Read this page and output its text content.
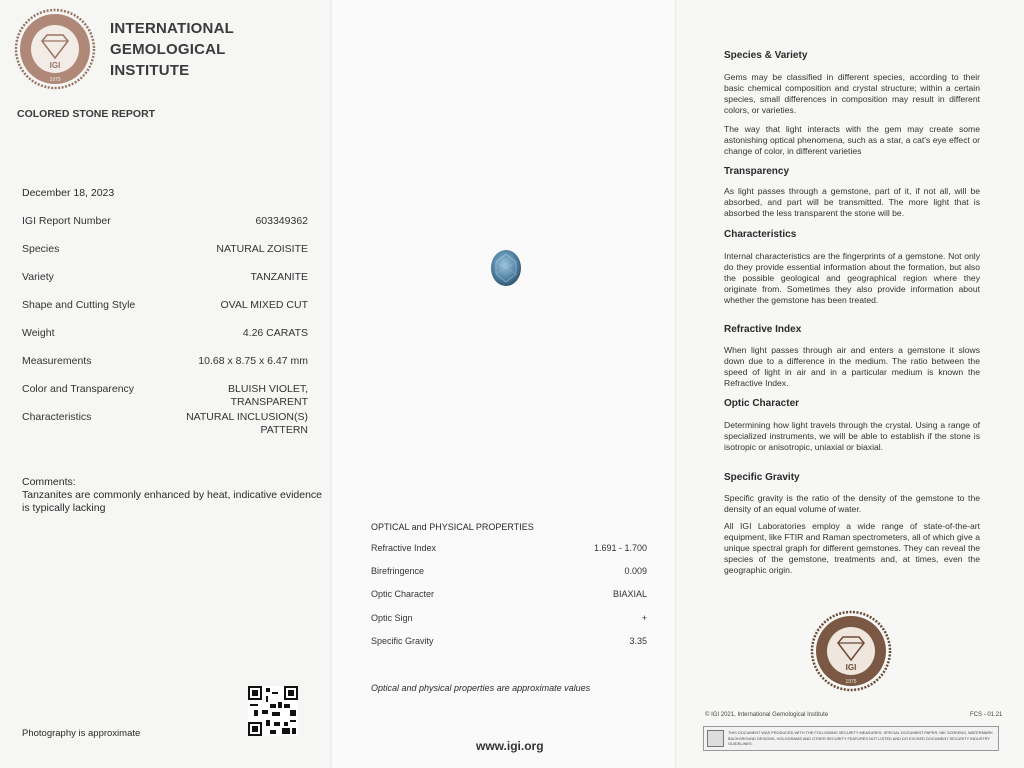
IGI
1975
INTERNATIONAL
GEMOLOGICAL
INSTITUTE
COLORED STONE REPORT
December 18, 2023
IGI Report Number	603349362
Species	NATURAL ZOISITE
Variety	TANZANITE
Shape and Cutting Style	OVAL MIXED CUT
Weight	4.26 CARATS
Measurements	10.68 x 8.75 x 6.47 mm
Color and Transparency	BLUISH VIOLET,
TRANSPARENT
Characteristics	NATURAL INCLUSION(S)
PATTERN
Comments:
Tanzanites are commonly enhanced by heat, indicative evidence is typically lacking
Photography is approximate
OPTICAL and PHYSICAL PROPERTIES
Refractive Index	1.691 - 1.700
Birefringence	0.009
Optic Character	BIAXIAL
Optic Sign	+
Specific Gravity	3.35
Optical and physical properties are approximate values
www.igi.org
Species & Variety
Gems may be classified in different species, according to their basic chemical composition and crystal structure; within a certain species, small differences in composition may result in different colors, or varieties.
The way that light interacts with the gem may create some astonishing optical phenomena, such as a star, a cat's eye effect or change of color, in different varieties
Transparency
As light passes through a gemstone, part of it, if not all, will be absorbed, and part will be transmitted. The more light that is absorbed the less transparent the stone will be.
Characteristics
Internal characteristics are the fingerprints of a gemstone. Not only do they provide essential information about the formation, but also the possible geological and geographical region where they originate from. Sometimes they also provide information about whether the gemstone has been treated.
Refractive Index
When light passes through air and enters a gemstone it slows down due to a difference in the medium. The ratio between the speed of light in air and in a particular medium is known the Refractive Index.
Optic Character
Determining how light travels through the crystal. Using a range of specialized instruments, we will be able to establish if the stone is isotropic or anisotropic, uniaxial or biaxial.
Specific Gravity
Specific gravity is the ratio of the density of the gemstone to the density of an equal volume of water.
All IGI Laboratories employ a wide range of state-of-the-art equipment, like FTIR and Raman spectrometers, all of which give a unique spectral graph for different gemstones. They can reveal the species of the gemstone, treatments and, at times, even the geographic origin.
IGI
1975
© IGI 2021, International Gemological Institute	FCS - 01.21
THIS DOCUMENT WAS PRODUCED WITH THE FOLLOWING SECURITY MEASURES: SPECIAL DOCUMENT PAPER, INK SCREENS, WATERMARK BACKGROUND DESIGNS, HOLOGRAMS AND OTHER SECURITY FEATURES NOT LISTED AND DO EXCEED DOCUMENT SECURITY INDUSTRY GUIDELINES.
